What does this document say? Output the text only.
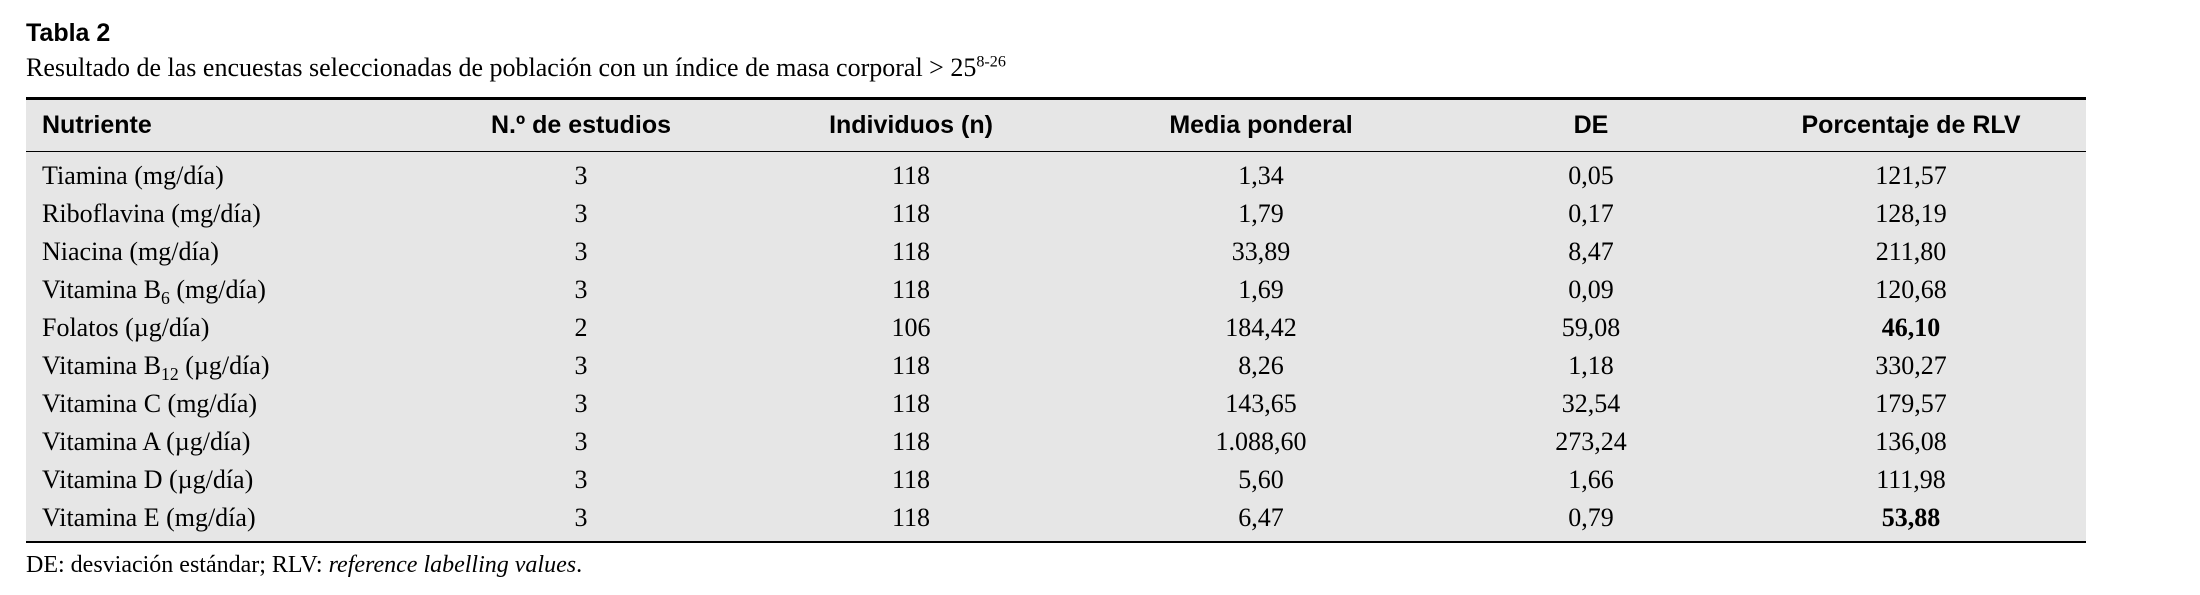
Tabla 2
Resultado de las encuestas seleccionadas de población con un índice de masa corporal > $25^{8-26}$
Nutriente	N.º de estudios	Individuos (n)	Media ponderal	DE	Porcentaje de RLV
Tiamina (mg/día)	3	118	1,34	0,05	121,57
Riboflavina (mg/día)	3	118	1,79	0,17	128,19
Niacina (mg/día)	3	118	33,89	8,47	211,80
Vitamina $B_6$ (mg/día)	3	118	1,69	0,09	120,68
Folatos (µg/día)	2	106	184,42	59,08	46,10
Vitamina $B_{12}$ (µg/día)	3	118	8,26	1,18	330,27
Vitamina C (mg/día)	3	118	143,65	32,54	179,57
Vitamina A (µg/día)	3	118	1.088,60	273,24	136,08
Vitamina D (µg/día)	3	118	5,60	1,66	111,98
Vitamina E (mg/día)	3	118	6,47	0,79	53,88
DE: desviación estándar; RLV: reference labelling values.
